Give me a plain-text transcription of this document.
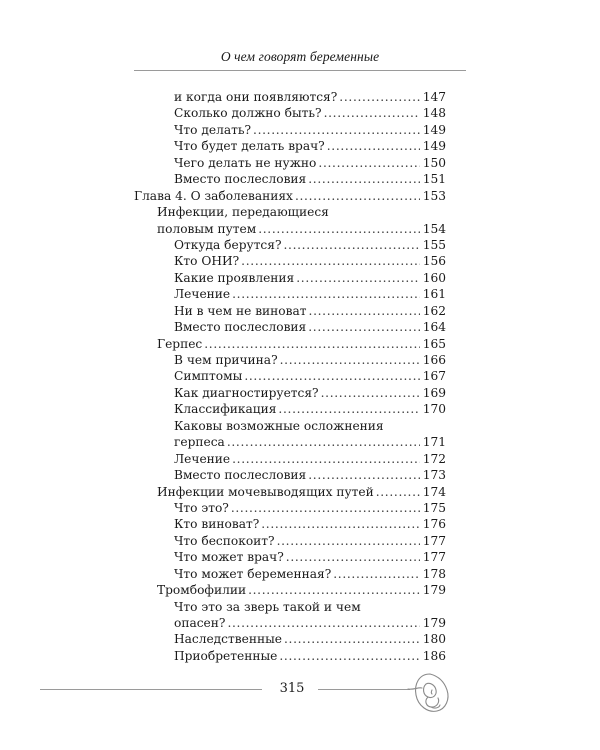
О чем говорят беременные
и когда они появляются? . . .	147
Сколько должно быть? . . .	148
Что делать? . . .	149
Что будет делать врач? . . .	149
Чего делать не нужно . . .	150
Вместо послесловия . . .	151
Глава 4. О заболеваниях . . .	153
Инфекции, передающиеся
половым путем . . .	154
Откуда берутся? . . .	155
Кто ОНИ? . . .	156
Какие проявления . . .	160
Лечение . . .	161
Ни в чем не виноват . . .	162
Вместо послесловия . . .	164
Герпес . . .	165
В чем причина? . . .	166
Симптомы . . .	167
Как диагностируется? . . .	169
Классификация . . .	170
Каковы возможные осложнения
герпеса . . .	171
Лечение . . .	172
Вместо послесловия . . .	173
Инфекции мочевыводящих путей . . .	174
Что это? . . .	175
Кто виноват? . . .	176
Что беспокоит? . . .	177
Что может врач? . . .	177
Что может беременная? . . .	178
Тромбофилии . . .	179
Что это за зверь такой и чем
опасен? . . .	179
Наследственные . . .	180
Приобретенные . . .	186
315
